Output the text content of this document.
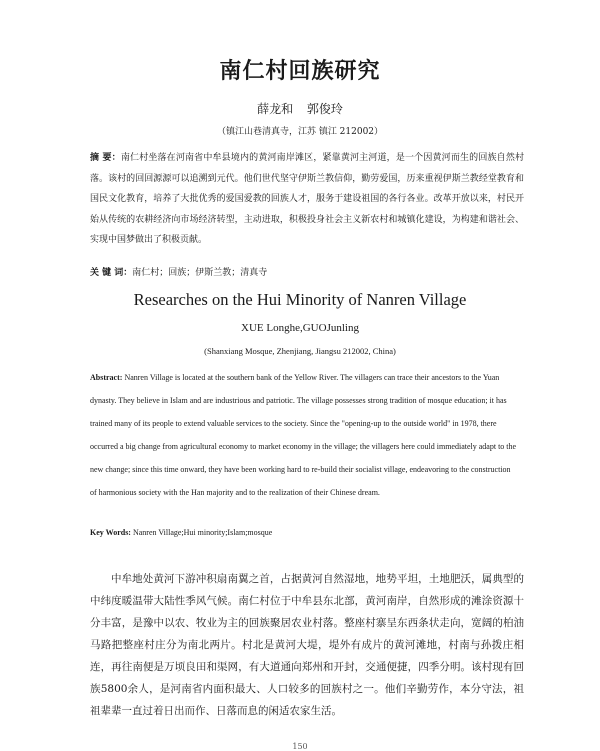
南仁村回族研究
薛龙和 郭俊玲
（镇江山巷清真寺，江苏 镇江 212002）
摘 要：南仁村坐落在河南省中牟县境内的黄河南岸滩区，紧靠黄河主河道，是一个因黄河而生的回族自然村落。该村的回回源源可以追溯到元代。他们世代坚守伊斯兰教信仰，勤劳爱国，历来重视伊斯兰教经堂教育和国民文化教育，培养了大批优秀的爱国爱教的回族人才，服务于建设祖国的各行各业。改革开放以来，村民开始从传统的农耕经济向市场经济转型，主动进取，积极投身社会主义新农村和城镇化建设，为构建和谐社会、实现中国梦做出了积极贡献。
关 键 词：南仁村；回族；伊斯兰教；清真寺
Researches on the Hui Minority of Nanren Village
XUE Longhe,GUOJunling
(Shanxiang Mosque, Zhenjiang, Jiangsu 212002, China)
Abstract: Nanren Village is located at the southern bank of the Yellow River. The villagers can trace their ancestors to the Yuan dynasty. They believe in Islam and are industrious and patriotic. The village possesses strong tradition of mosque education; it has trained many of its people to extend valuable services to the society. Since the "opening-up to the outside world" in 1978, there occurred a big change from agricultural economy to market economy in the village; the villagers here could immediately adapt to the new change; since this time onward, they have been working hard to re-build their socialist village, endeavoring to the construction of harmonious society with the Han majority and to the realization of their Chinese dream.
Key Words: Nanren Village;Hui minority;Islam;mosque
中牟地处黄河下游冲积扇南翼之首，占据黄河自然湿地，地势平坦，土地肥沃，属典型的中纬度暖温带大陆性季风气候。南仁村位于中牟县东北部，黄河南岸，自然形成的滩涂资源十分丰富，是豫中以农、牧业为主的回族聚居农业村落。整座村寨呈东西条状走向，宽阔的柏油马路把整座村庄分为南北两片。村北是黄河大堤，堤外有成片的黄河滩地，村南与孙拨庄相连，再往南便是万顷良田和渠网，有大道通向郑州和开封，交通便捷，四季分明。该村现有回族5800余人，是河南省内面积最大、人口较多的回族村之一。他们辛勤劳作，本分守法，祖祖辈辈一直过着日出而作、日落而息的闲适农家生活。
150
